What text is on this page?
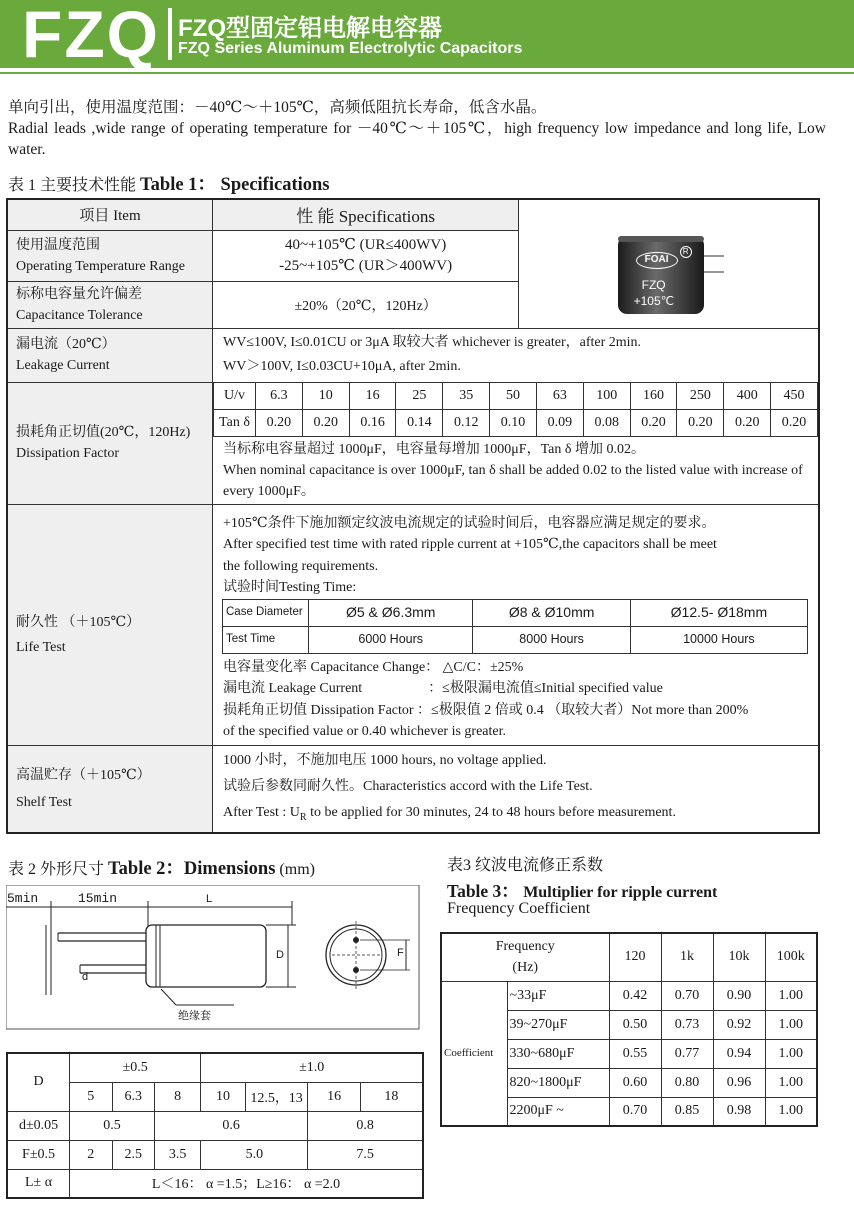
FZQ FZQ型固定铝电解电容器
FZQ Series Aluminum Electrolytic Capacitors

单向引出，使用温度范围：－40℃～＋105℃，高频低阻抗长寿命，低含水晶。

Radial leads ,wide range of operating temperature for －40℃～＋105℃，high frequency low impedance and long life, Low water.

表 1 主要技术性能 Table 1： Specifications
项目 Item	性 能 Specifications	
FOAI
R
FZQ
+105℃

使用温度范围
Operating Temperature Range

40~+105℃ (UR≤400WV)
-25~+105℃ (UR＞400WV)

标称电容量允许偏差
Capacitance Tolerance
	±20%（20℃，120Hz）

漏电流（20℃）
Leakage Current

WV≤100V, I≤0.01CU or 3μA 取较大者 whichever is greater，after 2min.
WV＞100V, I≤0.03CU+10μA, after 2min.

损耗角正切值(20℃，120Hz)
Dissipation Factor

U/v	6.3	10	16	25	35	50	63	100	160	250	400	450
Tan δ	0.20	0.20	0.16	0.14	0.12	0.10	0.09	0.08	0.20	0.20	0.20	0.20
当标称电容量超过 1000μF，电容量每增加 1000μF，Tan δ 增加 0.02。
When nominal capacitance is over 1000μF, tan δ shall be added 0.02 to the listed value with increase of every 1000μF。

耐久性 （＋105℃）
Life Test

+105℃条件下施加额定纹波电流规定的试验时间后，电容器应满足规定的要求。
After specified test time with rated ripple current at +105℃,the capacitors shall be meet
the following requirements.
试验时间Testing Time:
Case Diameter	Ø5 & Ø6.3mm	Ø8 & Ø10mm	Ø12.5- Ø18mm
Test Time	6000 Hours	8000 Hours	10000 Hours
电容量变化率 Capacitance Change： △C/C：±25%
漏电流 Leakage Current	：≤极限漏电流值≤Initial specified value
损耗角正切值 Dissipation Factor ：≤极限值 2 倍或 0.4 （取较大者）Not more than 200%
of the specified value or 0.40 whichever is greater.

高温贮存（＋105℃）
Shelf Test

1000 小时，不施加电压 1000 hours, no voltage applied.
试验后参数同耐久性。Characteristics accord with the Life Test.
After Test : $U_R$ to be applied for 30 minutes, 24 to 48 hours before measurement.
表 2 外形尺寸 Table 2：Dimensions (mm)
5min	15min	L
D
d
F
绝缘套
D	±0.5			±1.0			
	5	6.3	8	10	12.5，13	16	18
d±0.05	0.5		0.6			0.8	
F±0.5	2	2.5	3.5	5.0		7.5	
L± α	L＜16： α =1.5；L≥16： α =2.0						
表3 纹波电流修正系数
Table 3： Multiplier for ripple current
Frequency Coefficient
Frequency
(Hz)		120	1k	10k	100k
Coefficient	~33μF	0.42	0.70	0.90	1.00
	39~270μF	0.50	0.73	0.92	1.00
	330~680μF	0.55	0.77	0.94	1.00
	820~1800μF	0.60	0.80	0.96	1.00
	2200μF ~	0.70	0.85	0.98	1.00
